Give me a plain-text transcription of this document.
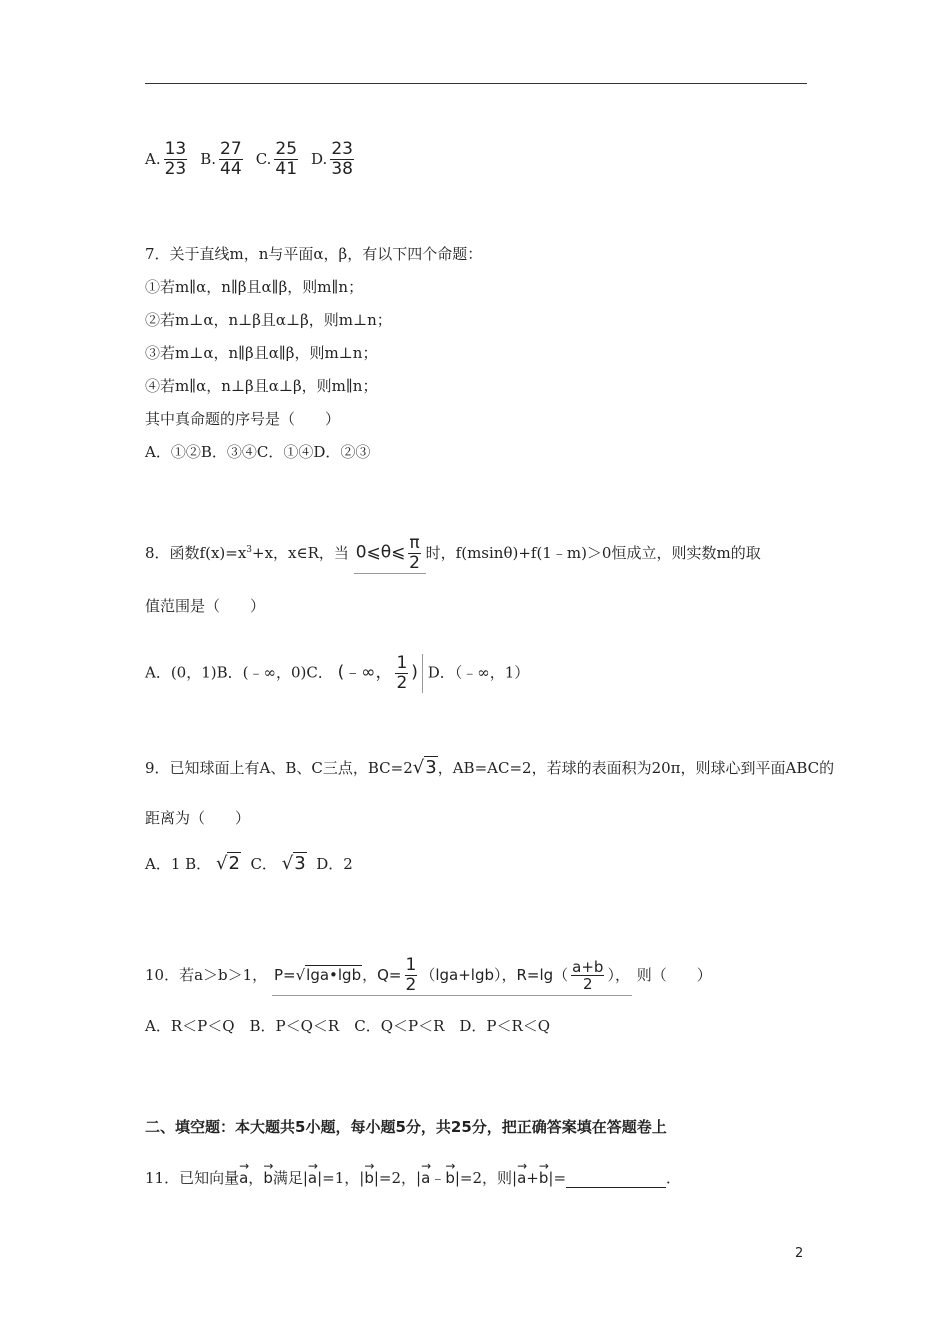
A. $\frac{13}{23} B$. $\frac{27}{44} C$. $\frac{25}{41} D$. $\frac{23}{38}$
7．关于直线m，n与平面α，β，有以下四个命题：
①若m∥α，n∥β且α∥β，则m∥n；
②若m⊥α，n⊥β且α⊥β，则m⊥n；
③若m⊥α，n∥β且α∥β，则m⊥n；
④若m∥α，n⊥β且α⊥β，则m∥n；
其中真命题的序号是（　　）
A．①②B．③④C．①④D．②③
8．函数$f(x)=x^3+x$，x∈R，当 0⩽θ⩽ $\frac{\pi}{2}$ 时，f(msinθ)+f(1﹣m)＞0恒成立，则实数m的取
值范围是（　　）
A．(0，1)B．(﹣∞，0)C． (﹣∞， $\frac{1}{2}$ ) D．（﹣∞，1）
9．已知球面上有A、B、C三点，BC=2√3，AB=AC=2，若球的表面积为20π，则球心到平面ABC的
距离为（　　）
A．1 B． √2 C． √3 D．2
10．若a＞b＞1， P=√lga•lgb，$Q= \frac{1}{2} (\lg a+\lg b)$，$R=\lg( \frac{a+b}{2}$ ）， 则（　　）
A．R＜P＜Q　B．P＜Q＜R　C．Q＜P＜R　D．P＜R＜Q
二、填空题：本大题共5小题，每小题5分，共25分，把正确答案填在答题卷上
11．已知向量→ a，→ b满足|→ a|=1，|→ b|=2，|→ a﹣→ b|=2，则|→ a+→ b|=	．
2
